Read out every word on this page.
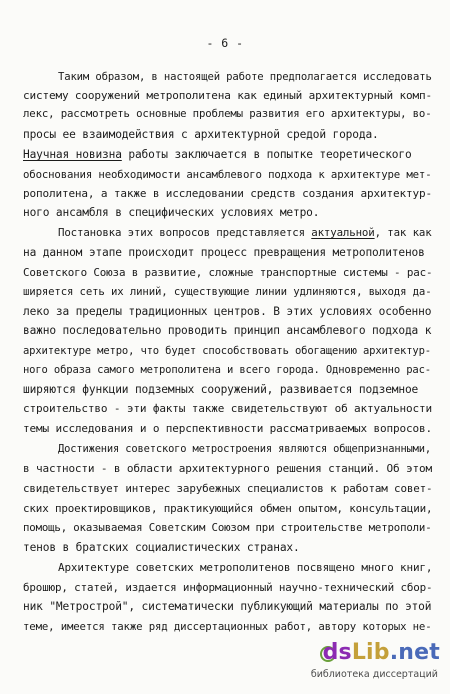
- 6 -
Таким образом, в настоящей работе предполагается исследовать
систему сооружений метрополитена как единый архитектурный комп-
лекс, рассмотреть основные проблемы развития его архитектуры, во-
просы ее взаимодействия с архитектурной средой города.
Научная новизна работы заключается в попытке теоретического
обоснования необходимости ансамблевого подхода к архитектуре мет-
рополитена, а также в исследовании средств создания архитектур-
ного ансамбля в специфических условиях метро.
Постановка этих вопросов представляется актуальной, так как
на данном этапе происходит процесс превращения метрополитенов
Советского Союза в развитие, сложные транспортные системы - рас-
ширяется сеть их линий, существующие линии удлиняются, выходя да-
леко за пределы традиционных центров. В этих условиях особенно
важно последовательно проводить принцип ансамблевого подхода к
архитектуре метро, что будет способствовать обогащению архитектур-
ного образа самого метрополитена и всего города. Одновременно рас-
ширяются функции подземных сооружений, развивается подземное
строительство - эти факты также свидетельствуют об актуальности
темы исследования и о перспективности рассматриваемых вопросов.
Достижения советского метростроения являются общепризнанными,
в частности - в области архитектурного решения станций. Об этом
свидетельствует интерес зарубежных специалистов к работам совет-
ских проектировщиков, практикующийся обмен опытом, консультации,
помощь, оказываемая Советским Союзом при строительстве метрополи-
тенов в братских социалистических странах.
Архитектуре советских метрополитенов посвящено много книг,
брошюр, статей, издается информационный научно-технический сбор-
ник "Метрострой", систематически публикующий материалы по этой
теме, имеется также ряд диссертационных работ, автору которых не-
dsLib.net
библиотека диссертаций
